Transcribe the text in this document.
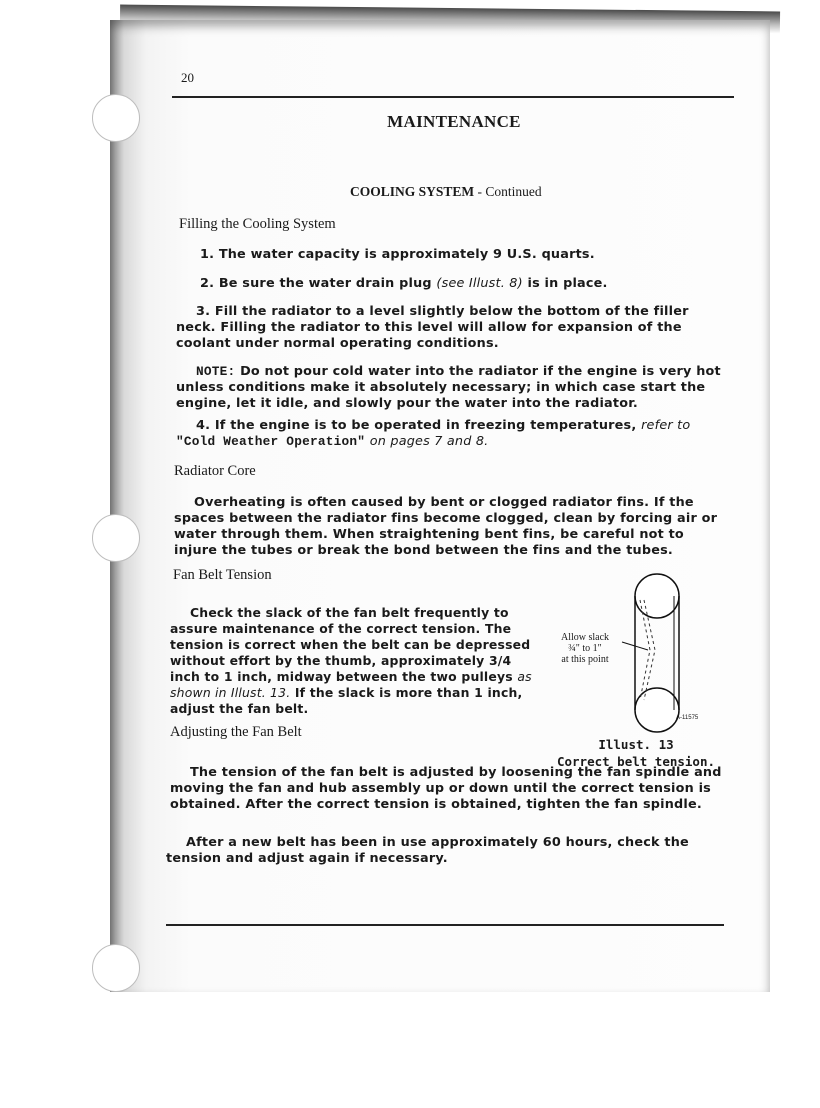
20
MAINTENANCE
COOLING SYSTEM - Continued
Filling the Cooling System
1. The water capacity is approximately 9 U.S. quarts.
2. Be sure the water drain plug (see Illust. 8) is in place.
3. Fill the radiator to a level slightly below the bottom of the filler neck. Filling the radiator to this level will allow for expansion of the coolant under normal operating conditions.
NOTE: Do not pour cold water into the radiator if the engine is very hot unless conditions make it absolutely necessary; in which case start the engine, let it idle, and slowly pour the water into the radiator.
4. If the engine is to be operated in freezing temperatures, refer to "Cold Weather Operation" on pages 7 and 8.
Radiator Core
Overheating is often caused by bent or clogged radiator fins. If the spaces between the radiator fins become clogged, clean by forcing air or water through them. When straightening bent fins, be careful not to injure the tubes or break the bond between the fins and the tubes.
Fan Belt Tension
Check the slack of the fan belt frequently to assure maintenance of the correct tension. The tension is correct when the belt can be depressed without effort by the thumb, approximately 3/4 inch to 1 inch, midway between the two pulleys as shown in Illust. 13. If the slack is more than 1 inch, adjust the fan belt.
Allow slack
¾" to 1"
at this point
A-11575
Illust. 13
Correct belt tension.
Adjusting the Fan Belt
The tension of the fan belt is adjusted by loosening the fan spindle and moving the fan and hub assembly up or down until the correct tension is obtained. After the correct tension is obtained, tighten the fan spindle.
After a new belt has been in use approximately 60 hours, check the tension and adjust again if necessary.
